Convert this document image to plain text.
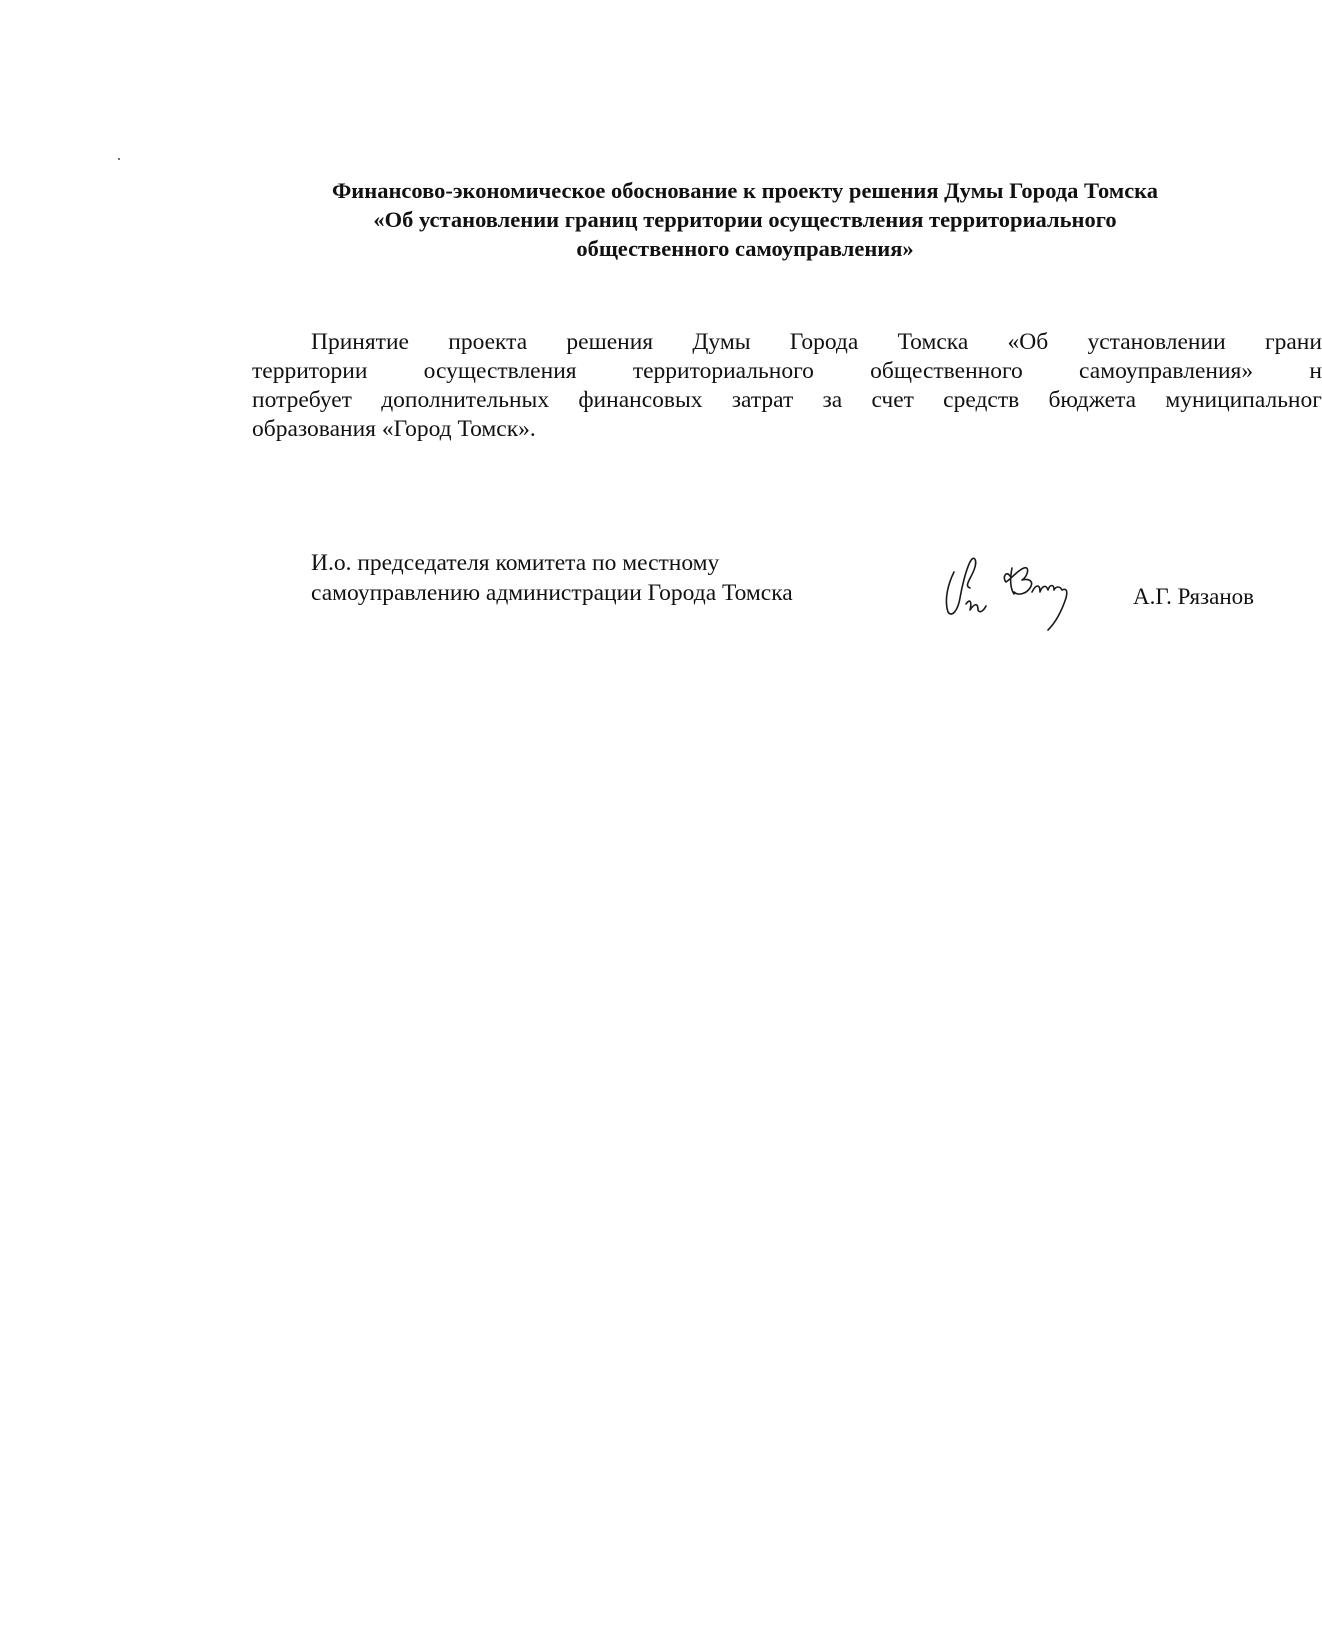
Финансово-экономическое обоснование к проекту решения Думы Города Томска
«Об установлении границ территории осуществления территориального
общественного самоуправления»
Принятие проекта решения Думы Города Томска «Об установлении грани
территории осуществления территориального общественного самоуправления» н
потребует дополнительных финансовых затрат за счет средств бюджета муниципальног
образования «Город Томск».
И.о. председателя комитета по местному
самоуправлению администрации Города Томска	А.Г. Рязанов
